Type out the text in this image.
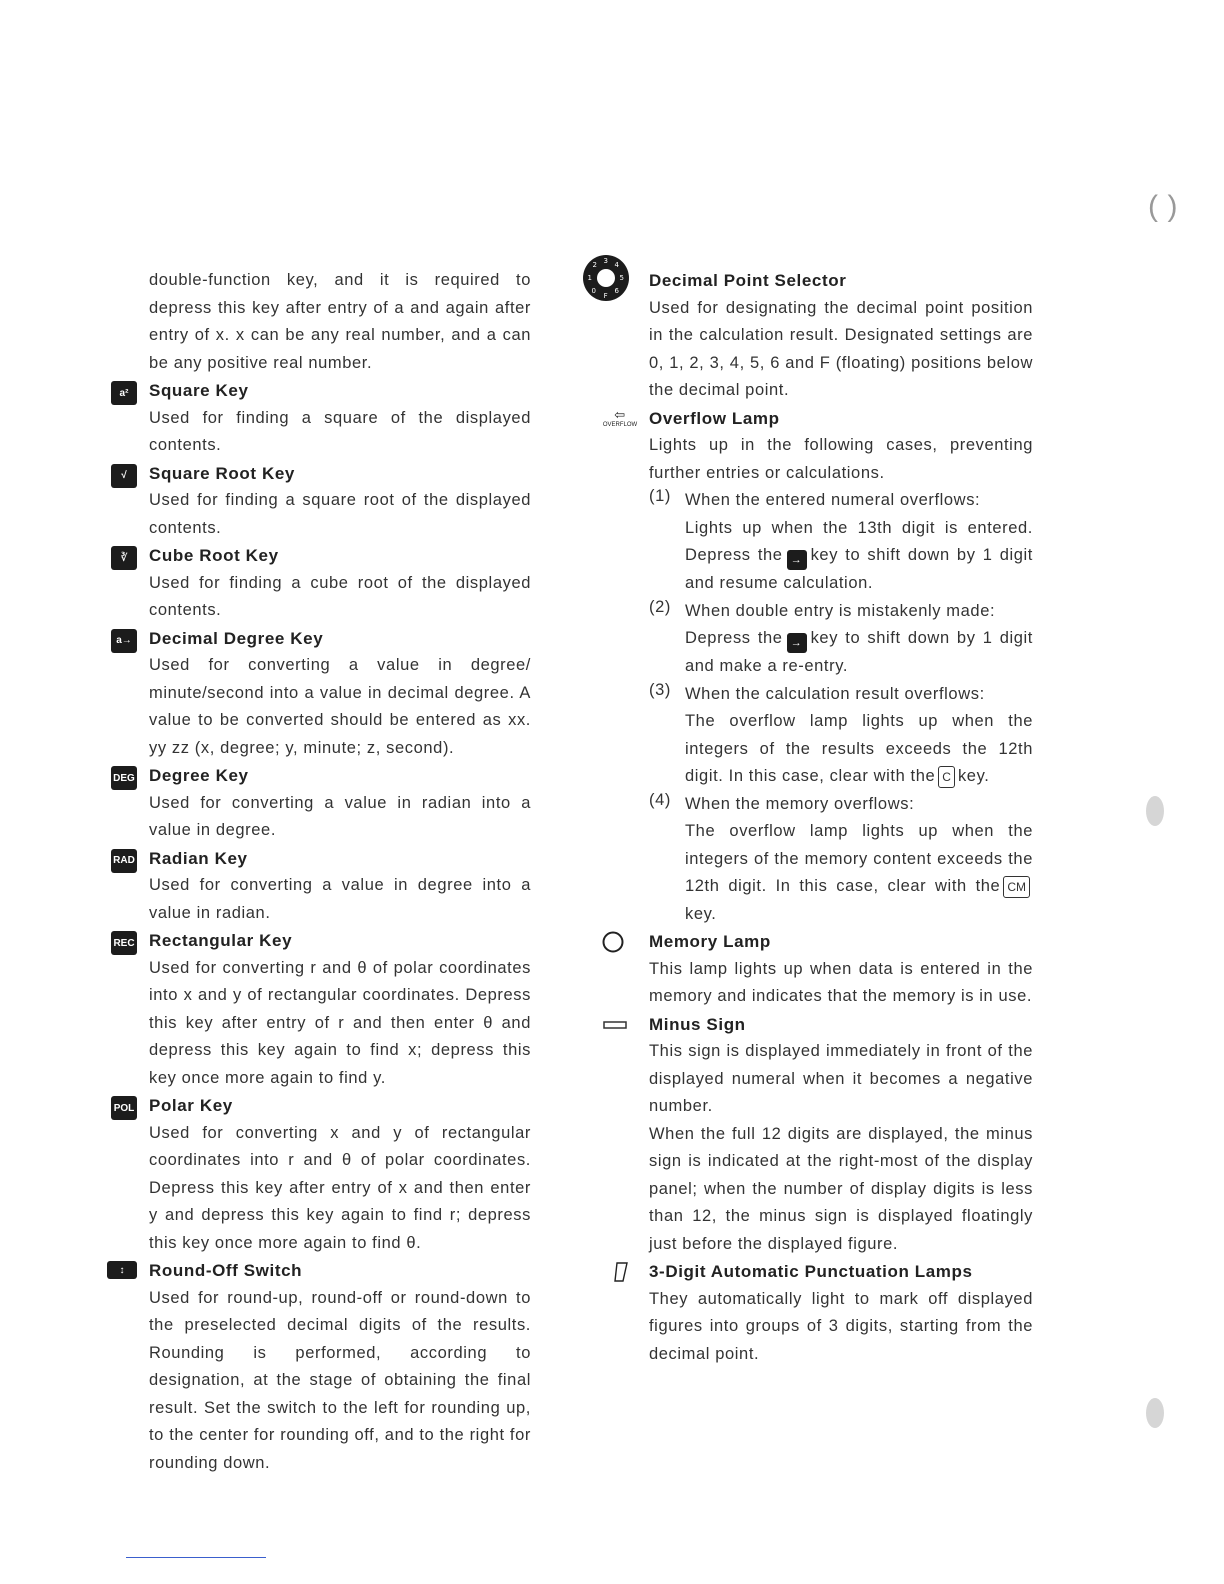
double-function key, and it is required to depress this key after entry of a and again after entry of x. x can be any real number, and a can be any positive real number.

a²	Square Key

Used for finding a square of the displayed contents.

√	Square Root Key

Used for finding a square root of the displayed contents.

∛	Cube Root Key

Used for finding a cube root of the displayed contents.

a→	Decimal Degree Key

Used for converting a value in degree/ minute/second into a value in decimal degree. A value to be converted should be entered as xx. yy zz (x, degree; y, minute; z, second).

DEG Degree Key

Used for converting a value in radian into a value in degree.

RAD Radian Key

Used for converting a value in degree into a value in radian.

REC Rectangular Key

Used for converting r and θ of polar coordinates into x and y of rectangular coordinates. Depress this key after entry of r and then enter θ and depress this key again to find x; depress this key once more again to find y.

POL Polar Key

Used for converting x and y of rectangular coordinates into r and θ of polar coordinates. Depress this key after entry of x and then enter y and depress this key again to find r; depress this key once more again to find θ.

↕	Round-Off Switch

Used for round-up, round-off or round-down to the preselected decimal digits of the results. Rounding is performed, according to designation, at the stage of obtaining the final result. Set the switch to the left for rounding up, to the center for rounding off, and to the right for rounding down.

3 4
5
6
F
0
1
2

Decimal Point Selector

Used for designating the decimal point position in the calculation result. Designated settings are 0, 1, 2, 3, 4, 5, 6 and F (floating) positions below the decimal point.

⇦
OVERFLOW Overflow Lamp

Lights up in the following cases, preventing further entries or calculations.

(1) When the entered numeral overflows:

Lights up when the 13th digit is entered. Depress the → key to shift down by 1 digit and resume calculation.

(2) When double entry is mistakenly made:

Depress the → key to shift down by 1 digit and make a re-entry.

(3) When the calculation result overflows:

The overflow lamp lights up when the integers of the results exceeds the 12th digit. In this case, clear with the C key.

(4) When the memory overflows:

The overflow lamp lights up when the integers of the memory content exceeds the 12th digit. In this case, clear with the CMkey.

Memory Lamp

This lamp lights up when data is entered in the memory and indicates that the memory is in use.

Minus Sign

This sign is displayed immediately in front of the displayed numeral when it becomes a negative number.

When the full 12 digits are displayed, the minus sign is indicated at the right-most of the display panel; when the number of display digits is less than 12, the minus sign is displayed floatingly just before the displayed figure.

3-Digit Automatic Punctuation Lamps

They automatically light to mark off displayed figures into groups of 3 digits, starting from the decimal point.

( )
